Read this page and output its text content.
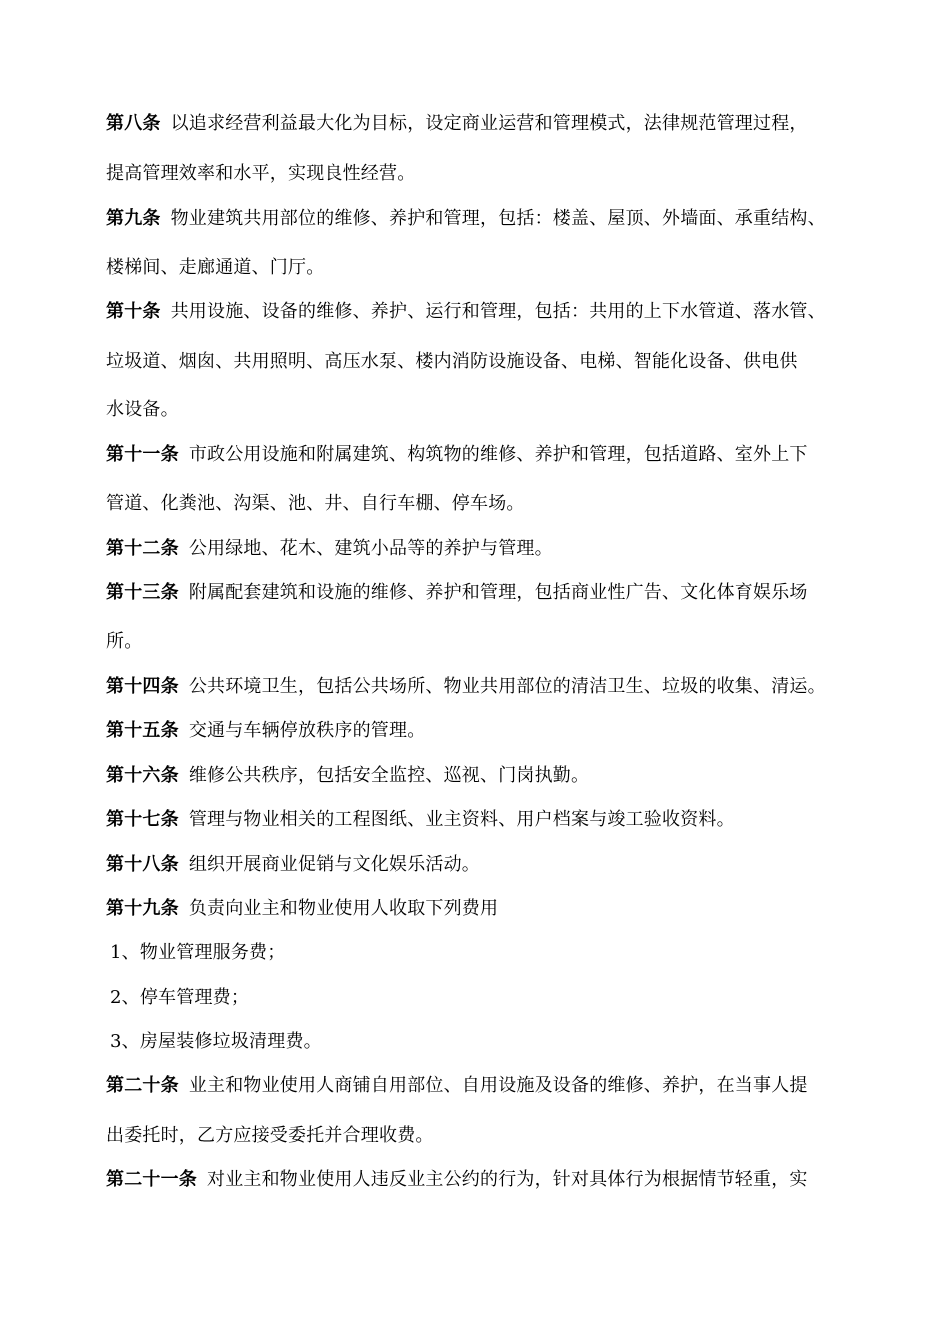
第八条 以追求经营利益最大化为目标，设定商业运营和管理模式，法律规范管理过程，
提高管理效率和水平，实现良性经营。
第九条 物业建筑共用部位的维修、养护和管理，包括：楼盖、屋顶、外墙面、承重结构、
楼梯间、走廊通道、门厅。
第十条 共用设施、设备的维修、养护、运行和管理，包括：共用的上下水管道、落水管、
垃圾道、烟囱、共用照明、高压水泵、楼内消防设施设备、电梯、智能化设备、供电供
水设备。
第十一条 市政公用设施和附属建筑、构筑物的维修、养护和管理，包括道路、室外上下
管道、化粪池、沟渠、池、井、自行车棚、停车场。
第十二条 公用绿地、花木、建筑小品等的养护与管理。
第十三条 附属配套建筑和设施的维修、养护和管理，包括商业性广告、文化体育娱乐场
所。
第十四条 公共环境卫生，包括公共场所、物业共用部位的清洁卫生、垃圾的收集、清运。
第十五条 交通与车辆停放秩序的管理。
第十六条 维修公共秩序，包括安全监控、巡视、门岗执勤。
第十七条 管理与物业相关的工程图纸、业主资料、用户档案与竣工验收资料。
第十八条 组织开展商业促销与文化娱乐活动。
第十九条 负责向业主和物业使用人收取下列费用
1、物业管理服务费；
2、停车管理费；
3、房屋装修垃圾清理费。
第二十条 业主和物业使用人商铺自用部位、自用设施及设备的维修、养护，在当事人提
出委托时，乙方应接受委托并合理收费。
第二十一条 对业主和物业使用人违反业主公约的行为，针对具体行为根据情节轻重，实
